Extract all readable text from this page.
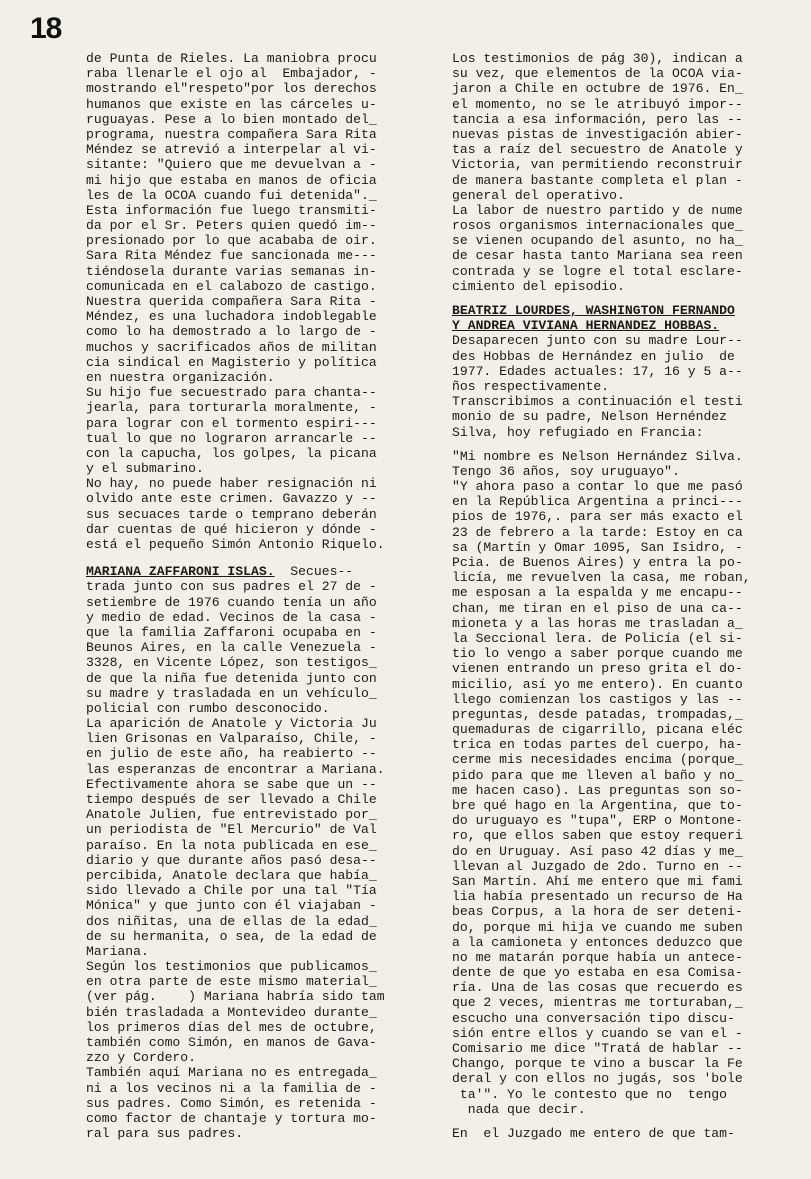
18
de Punta de Rieles. La maniobra procu
raba llenarle el ojo al  Embajador, -
mostrando el"respeto"por los derechos
humanos que existe en las cárceles u-
ruguayas. Pese a lo bien montado del_
programa, nuestra compañera Sara Rita
Méndez se atrevió a interpelar al vi-
sitante: "Quiero que me devuelvan a -
mi hijo que estaba en manos de oficia
les de la OCOA cuando fui detenida"._
Esta información fue luego transmiti-
da por el Sr. Peters quien quedó im--
presionado por lo que acababa de oir.
Sara Rita Méndez fue sancionada me---
tiéndosela durante varias semanas in-
comunicada en el calabozo de castigo.
Nuestra querida compañera Sara Rita -
Méndez, es una luchadora indoblegable
como lo ha demostrado a lo largo de -
muchos y sacrificados años de militan
cia sindical en Magisterio y política
en nuestra organización.
Su hijo fue secuestrado para chanta--
jearla, para torturarla moralmente, -
para lograr con el tormento espiri---
tual lo que no lograron arrancarle --
con la capucha, los golpes, la picana
y el submarino.
No hay, no puede haber resignación ni
olvido ante este crimen. Gavazzo y --
sus secuaces tarde o temprano deberán
dar cuentas de qué hicieron y dónde -
está el pequeño Simón Antonio Riquelo.
MARIANA ZAFFARONI ISLAS.  Secues--
trada junto con sus padres el 27 de -
setiembre de 1976 cuando tenía un año
y medio de edad. Vecinos de la casa -
que la familia Zaffaroni ocupaba en -
Beunos Aires, en la calle Venezuela -
3328, en Vicente López, son testigos_
de que la niña fue detenida junto con
su madre y trasladada en un vehículo_
policial con rumbo desconocido.
La aparición de Anatole y Victoria Ju
lien Grisonas en Valparaíso, Chile, -
en julio de este año, ha reabierto --
las esperanzas de encontrar a Mariana.
Efectivamente ahora se sabe que un --
tiempo después de ser llevado a Chile
Anatole Julien, fue entrevistado por_
un periodista de "El Mercurio" de Val
paraíso. En la nota publicada en ese_
diario y que durante años pasó desa--
percibida, Anatole declara que había_
sido llevado a Chile por una tal "Tía
Mónica" y que junto con él viajaban -
dos niñitas, una de ellas de la edad_
de su hermanita, o sea, de la edad de
Mariana.
Según los testimonios que publicamos_
en otra parte de este mismo material_
(ver pág.    ) Mariana habría sido tam
bién trasladada a Montevideo durante_
los primeros días del mes de octubre,
también como Simón, en manos de Gava-
zzo y Cordero.
También aquí Mariana no es entregada_
ni a los vecinos ni a la familia de -
sus padres. Como Simón, es retenida -
como factor de chantaje y tortura mo-
ral para sus padres.
Los testimonios de pág 30), indican a
su vez, que elementos de la OCOA via-
jaron a Chile en octubre de 1976. En_
el momento, no se le atribuyó impor--
tancia a esa información, pero las --
nuevas pistas de investigación abier-
tas a raíz del secuestro de Anatole y
Victoria, van permitiendo reconstruir
de manera bastante completa el plan -
general del operativo.
La labor de nuestro partido y de nume
rosos organismos internacionales que_
se vienen ocupando del asunto, no ha_
de cesar hasta tanto Mariana sea reen
contrada y se logre el total esclare-
cimiento del episodio.
BEATRIZ LOURDES, WASHINGTON FERNANDO
Y ANDREA VIVIANA HERNANDEZ HOBBAS.
Desaparecen junto con su madre Lour--
des Hobbas de Hernández en julio  de
1977. Edades actuales: 17, 16 y 5 a--
ños respectivamente.
Transcribimos a continuación el testi
monio de su padre, Nelson Hernéndez
Silva, hoy refugiado en Francia:
"Mi nombre es Nelson Hernández Silva.
Tengo 36 años, soy uruguayo".
"Y ahora paso a contar lo que me pasó
en la República Argentina a princi---
pios de 1976,. para ser más exacto el
23 de febrero a la tarde: Estoy en ca
sa (Martín y Omar 1095, San Isidro, -
Pcia. de Buenos Aires) y entra la po-
licía, me revuelven la casa, me roban,
me esposan a la espalda y me encapu--
chan, me tiran en el piso de una ca--
mioneta y a las horas me trasladan a_
la Seccional lera. de Policía (el si-
tio lo vengo a saber porque cuando me
vienen entrando un preso grita el do-
micilio, así yo me entero). En cuanto
llego comienzan los castigos y las --
preguntas, desde patadas, trompadas,_
quemaduras de cigarrillo, picana eléc
trica en todas partes del cuerpo, ha-
cerme mis necesidades encima (porque_
pido para que me lleven al baño y no_
me hacen caso). Las preguntas son so-
bre qué hago en la Argentina, que to-
do uruguayo es "tupa", ERP o Montone-
ro, que ellos saben que estoy requeri
do en Uruguay. Así paso 42 días y me_
llevan al Juzgado de 2do. Turno en --
San Martín. Ahí me entero que mi fami
lia había presentado un recurso de Ha
beas Corpus, a la hora de ser deteni-
do, porque mi hija ve cuando me suben
a la camioneta y entonces deduzco que
no me matarán porque había un antece-
dente de que yo estaba en esa Comisa-
ría. Una de las cosas que recuerdo es
que 2 veces, mientras me torturaban,_
escucho una conversación tipo discu-
sión entre ellos y cuando se van el -
Comisario me dice "Tratá de hablar --
Chango, porque te vino a buscar la Fe
deral y con ellos no jugás, sos 'bole
ta'". Yo le contesto que no  tengo
nada que decir.
En  el Juzgado me entero de que tam-
